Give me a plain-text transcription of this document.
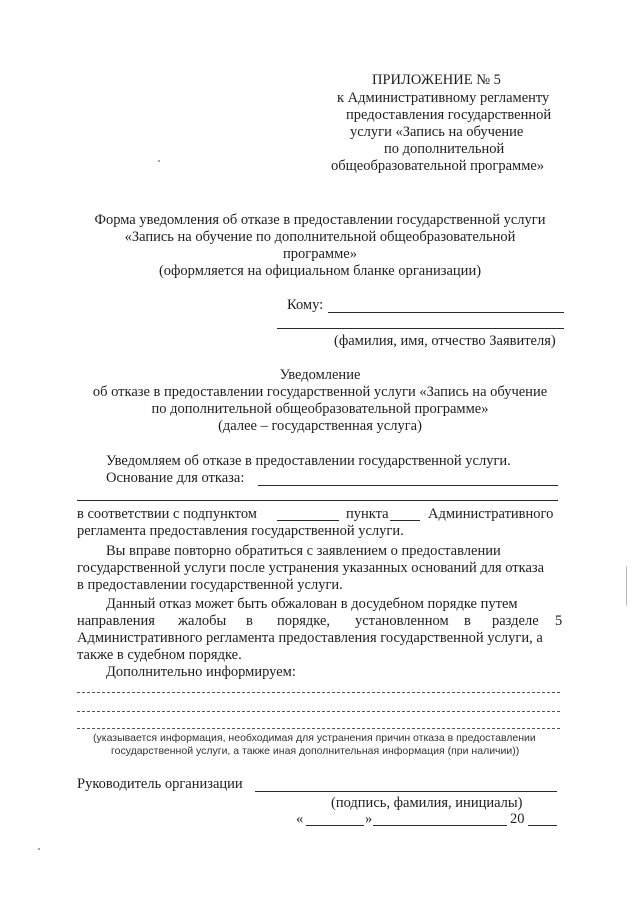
ПРИЛОЖЕНИЕ № 5
к Административному регламенту
предоставления государственной
услуги «Запись на обучение
по дополнительной
общеобразовательной программе»
Форма уведомления об отказе в предоставлении государственной услуги
«Запись на обучение по дополнительной общеобразовательной
программе»
(оформляется на официальном бланке организации)
Кому:
(фамилия, имя, отчество Заявителя)
Уведомление
об отказе в предоставлении государственной услуги «Запись на обучение
по дополнительной общеобразовательной программе»
(далее – государственная услуга)
Уведомляем об отказе в предоставлении государственной услуги.
Основание для отказа:
в соответствии с подпунктом	пункта	Административного
регламента предоставления государственной услуги.
Вы вправе повторно обратиться с заявлением о предоставлении
государственной услуги после устранения указанных оснований для отказа
в предоставлении государственной услуги.
Данный отказ может быть обжалован в досудебном порядке путем
направления жалобы в порядке, установленном в разделе 5
Административного регламента предоставления государственной услуги, а
также в судебном порядке.
Дополнительно информируем:
(указывается информация, необходимая для устранения причин отказа в предоставлении
государственной услуги, а также иная дополнительная информация (при наличии))
Руководитель организации
(подпись, фамилия, инициалы)
«	»	20
